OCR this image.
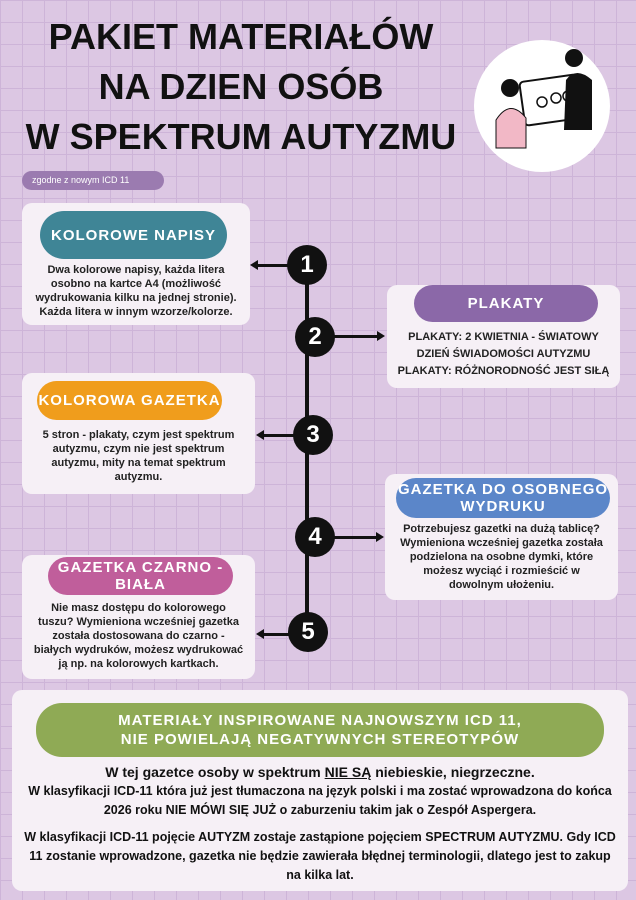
PAKIET MATERIAŁÓW
NA DZIEN OSÓB
W SPEKTRUM AUTYZMU
zgodne z nowym ICD 11
KOLOROWE NAPISY
Dwa kolorowe napisy, każda litera osobno na kartce A4 (możliwość wydrukowania kilku na jednej stronie). Każda litera w innym wzorze/kolorze.
1
PLAKATY
PLAKATY: 2 KWIETNIA - ŚWIATOWY DZIEŃ ŚWIADOMOŚCI AUTYZMU
PLAKATY: RÓŻNORODNOŚĆ JEST SIŁĄ
2
KOLOROWA GAZETKA
5 stron - plakaty, czym jest spektrum autyzmu, czym nie jest spektrum autyzmu, mity na temat spektrum autyzmu.
3
GAZETKA DO OSOBNEGO WYDRUKU
Potrzebujesz gazetki na dużą tablicę? Wymieniona wcześniej gazetka została podzielona na osobne dymki, które możesz wyciąć i rozmieścić w dowolnym ułożeniu.
4
GAZETKA CZARNO - BIAŁA
Nie masz dostępu do kolorowego tuszu? Wymieniona wcześniej gazetka została dostosowana do czarno - białych wydruków, możesz wydrukować ją np. na kolorowych kartkach.
5
MATERIAŁY INSPIROWANE NAJNOWSZYM ICD 11,
NIE POWIELAJĄ NEGATYWNYCH STEREOTYPÓW
W tej gazetce osoby w spektrum NIE SĄ niebieskie, niegrzeczne.
W klasyfikacji ICD-11 która już jest tłumaczona na język polski i ma zostać wprowadzona do końca 2026 roku NIE MÓWI SIĘ JUŻ o zaburzeniu takim jak o Zespół Aspergera.
W klasyfikacji ICD-11 pojęcie AUTYZM zostaje zastąpione pojęciem SPECTRUM AUTYZMU. Gdy ICD 11 zostanie wprowadzone, gazetka nie będzie zawierała błędnej terminologii, dlatego jest to zakup na kilka lat.
